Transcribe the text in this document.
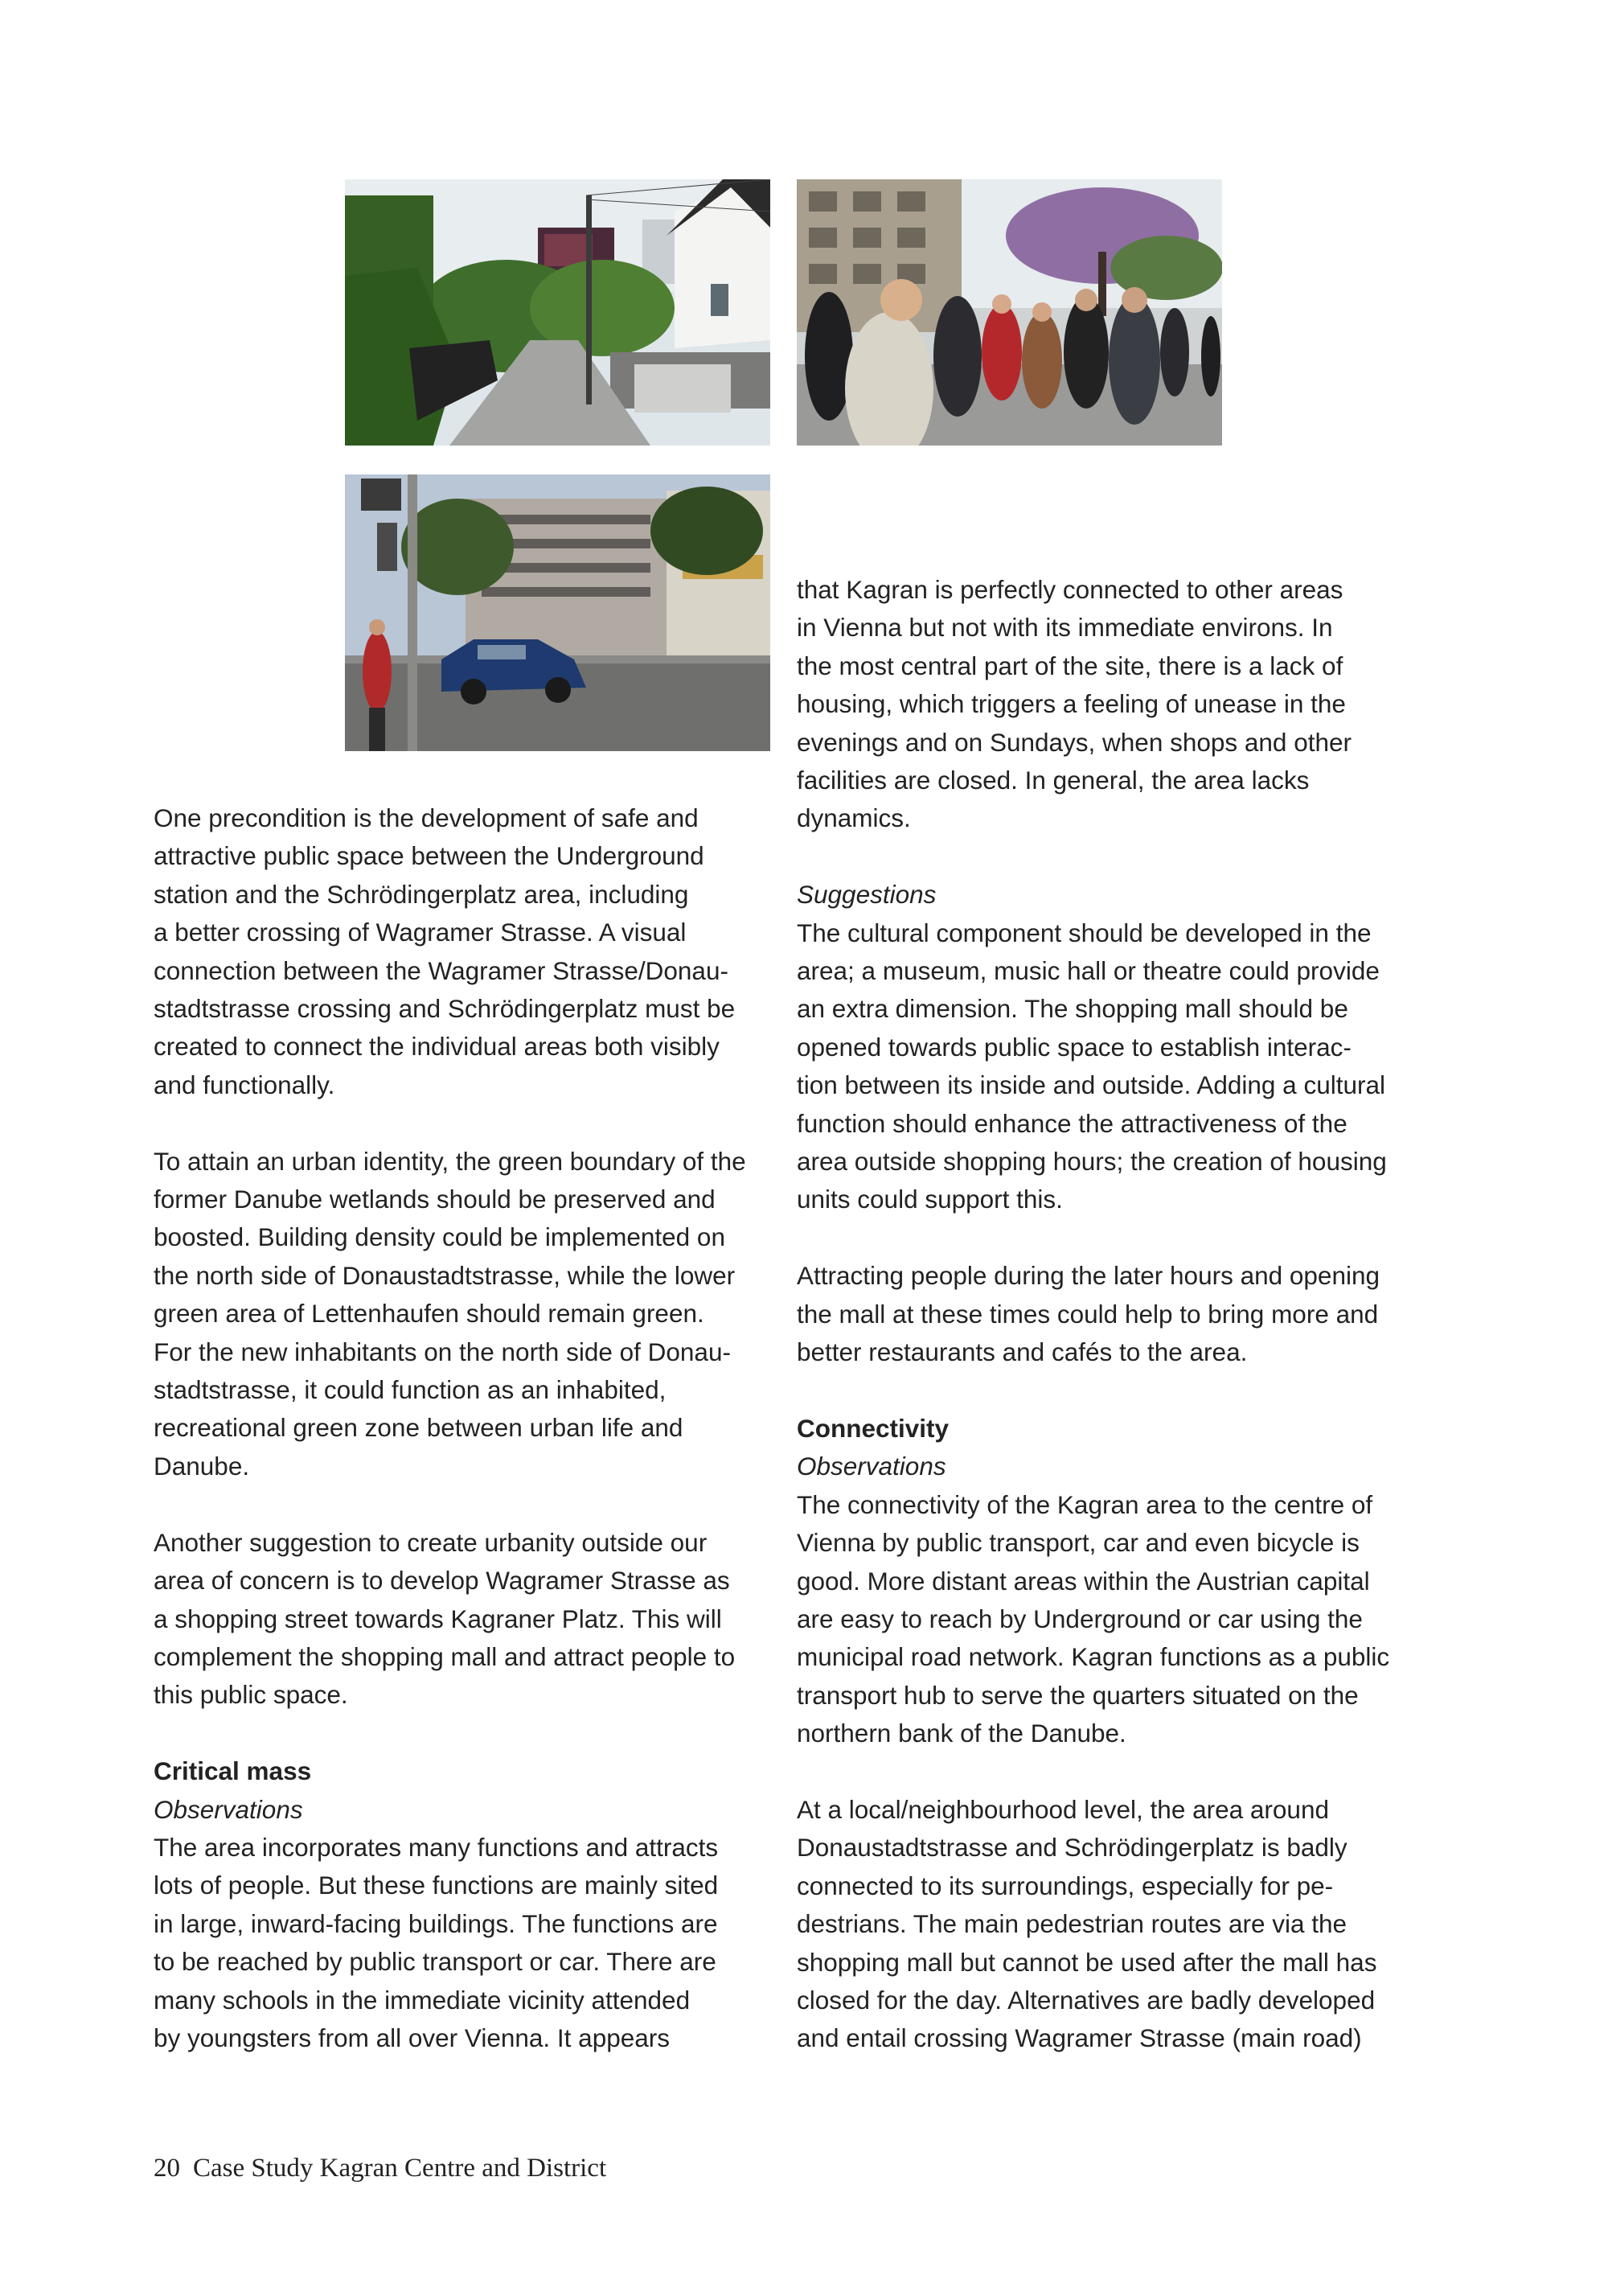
One precondition is the development of safe and

attractive public space between the Underground

station and the Schrödingerplatz area, including

a better crossing of Wagramer Strasse. A visual

connection between the Wagramer Strasse/Donau-

stadtstrasse crossing and Schrödingerplatz must be

created to connect the individual areas both visibly

and functionally.

To attain an urban identity, the green boundary of the

former Danube wetlands should be preserved and

boosted. Building density could be implemented on

the north side of Donaustadtstrasse, while the lower

green area of Lettenhaufen should remain green.

For the new inhabitants on the north side of Donau-

stadtstrasse, it could function as an inhabited,

recreational green zone between urban life and

Danube.

Another suggestion to create urbanity outside our

area of concern is to develop Wagramer Strasse as

a shopping street towards Kagraner Platz. This will

complement the shopping mall and attract people to

this public space.

Critical mass

Observations

The area incorporates many functions and attracts

lots of people. But these functions are mainly sited

in large, inward-facing buildings. The functions are

to be reached by public transport or car. There are

many schools in the immediate vicinity attended

by youngsters from all over Vienna. It appears

that Kagran is perfectly connected to other areas

in Vienna but not with its immediate environs. In

the most central part of the site, there is a lack of

housing, which triggers a feeling of unease in the

evenings and on Sundays, when shops and other

facilities are closed. In general, the area lacks

dynamics.

Suggestions

The cultural component should be developed in the

area; a museum, music hall or theatre could provide

an extra dimension. The shopping mall should be

opened towards public space to establish interac-

tion between its inside and outside. Adding a cultural

function should enhance the attractiveness of the

area outside shopping hours; the creation of housing

units could support this.

Attracting people during the later hours and opening

the mall at these times could help to bring more and

better restaurants and cafés to the area.

Connectivity

Observations

The connectivity of the Kagran area to the centre of

Vienna by public transport, car and even bicycle is

good. More distant areas within the Austrian capital

are easy to reach by Underground or car using the

municipal road network. Kagran functions as a public

transport hub to serve the quarters situated on the

northern bank of the Danube.

At a local/neighbourhood level, the area around

Donaustadtstrasse and Schrödingerplatz is badly

connected to its surroundings, especially for pe-

destrians. The main pedestrian routes are via the

shopping mall but cannot be used after the mall has

closed for the day. Alternatives are badly developed

and entail crossing Wagramer Strasse (main road)

20 Case Study Kagran Centre and District
